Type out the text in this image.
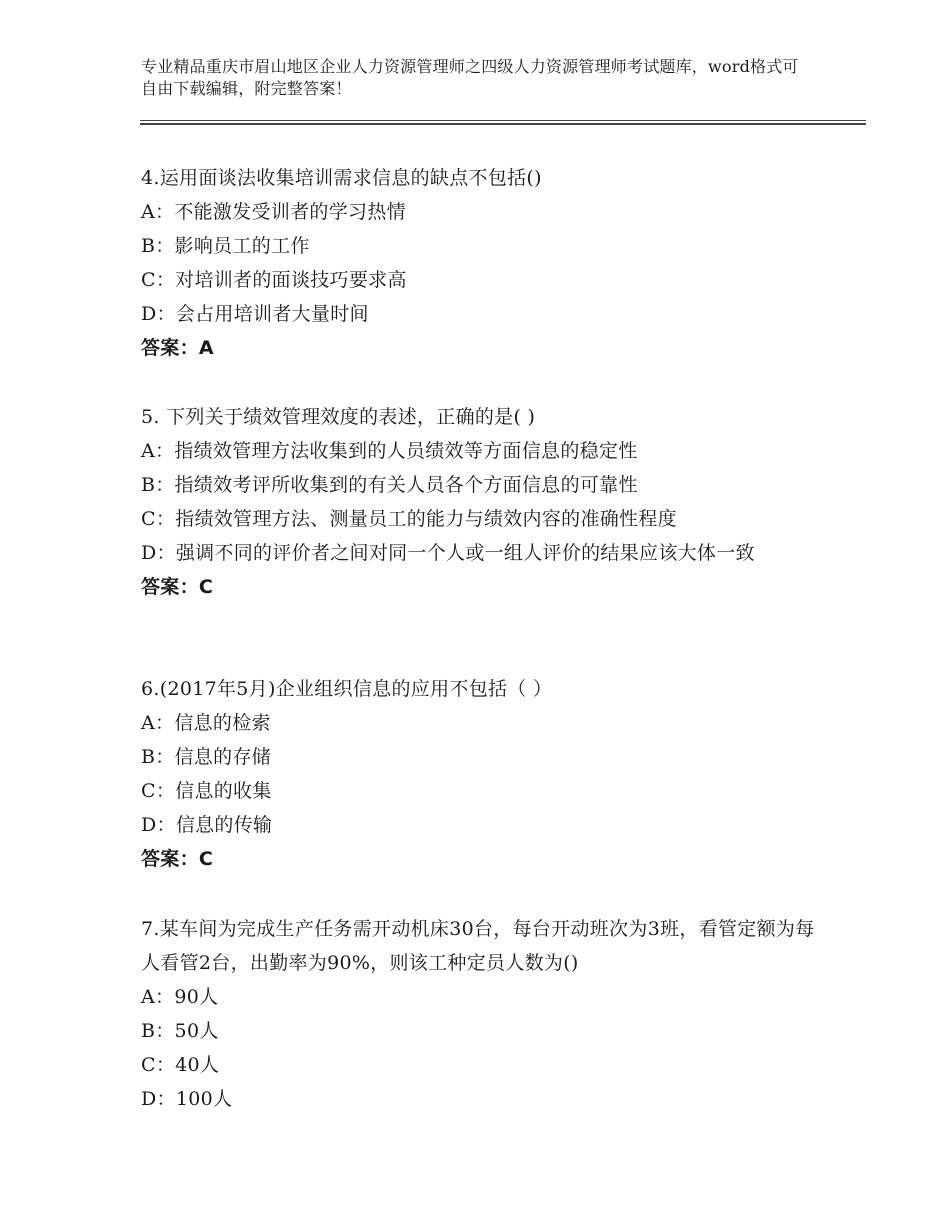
专业精品重庆市眉山地区企业人力资源管理师之四级人力资源管理师考试题库，word格式可自由下载编辑，附完整答案！
4.运用面谈法收集培训需求信息的缺点不包括()
A：不能激发受训者的学习热情
B：影响员工的工作
C：对培训者的面谈技巧要求高
D：会占用培训者大量时间
答案：A
5. 下列关于绩效管理效度的表述，正确的是( )
A：指绩效管理方法收集到的人员绩效等方面信息的稳定性
B：指绩效考评所收集到的有关人员各个方面信息的可靠性
C：指绩效管理方法、测量员工的能力与绩效内容的准确性程度
D：强调不同的评价者之间对同一个人或一组人评价的结果应该大体一致
答案：C
6.(2017年5月)企业组织信息的应用不包括（ ）
A：信息的检索
B：信息的存储
C：信息的收集
D：信息的传输
答案：C
7.某车间为完成生产任务需开动机床30台，每台开动班次为3班，看管定额为每人看管2台，出勤率为90%，则该工种定员人数为()
A：90人
B：50人
C：40人
D：100人
